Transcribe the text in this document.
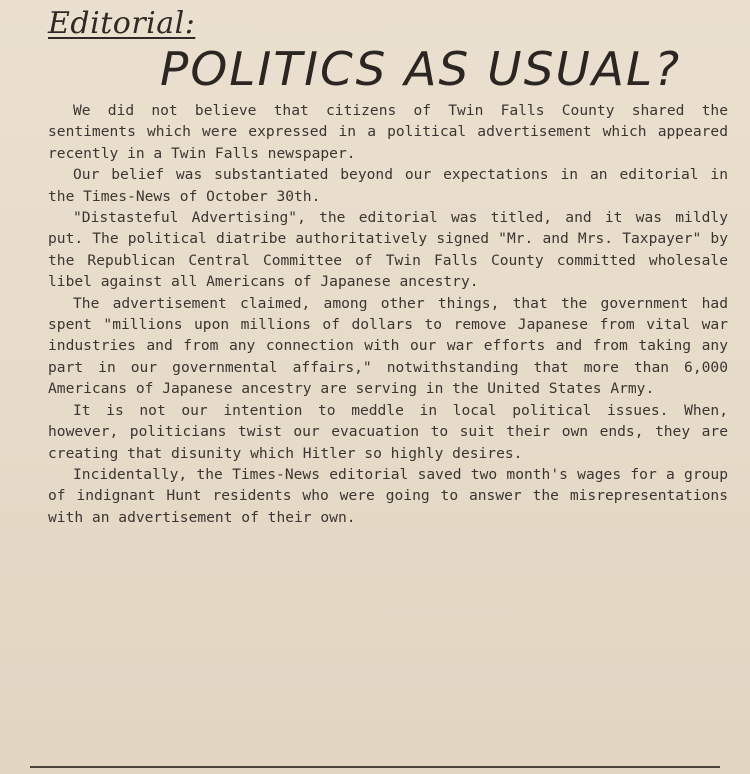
Editorial:
POLITICS AS USUAL?

We did not believe that citizens of Twin Falls County shared the sentiments which were expressed in a political advertisement which appeared recently in a Twin Falls newspaper.

Our belief was substantiated beyond our expectations in an editorial in the Times-News of October 30th.

"Distasteful Advertising", the editorial was titled, and it was mildly put. The political diatribe authoritatively signed "Mr. and Mrs. Taxpayer" by the Republican Central Committee of Twin Falls County committed wholesale libel against all Americans of Japanese ancestry.

The advertisement claimed, among other things, that the government had spent "millions upon millions of dollars to remove Japanese from vital war industries and from any connection with our war efforts and from taking any part in our governmental affairs," notwithstanding that more than 6,000 Americans of Japanese ancestry are serving in the United States Army.

It is not our intention to meddle in local political issues. When, however, politicians twist our evacuation to suit their own ends, they are creating that disunity which Hitler so highly desires.

Incidentally, the Times-News editorial saved two month's wages for a group of indignant Hunt residents who were going to answer the misrepresentations with an advertisement of their own.
